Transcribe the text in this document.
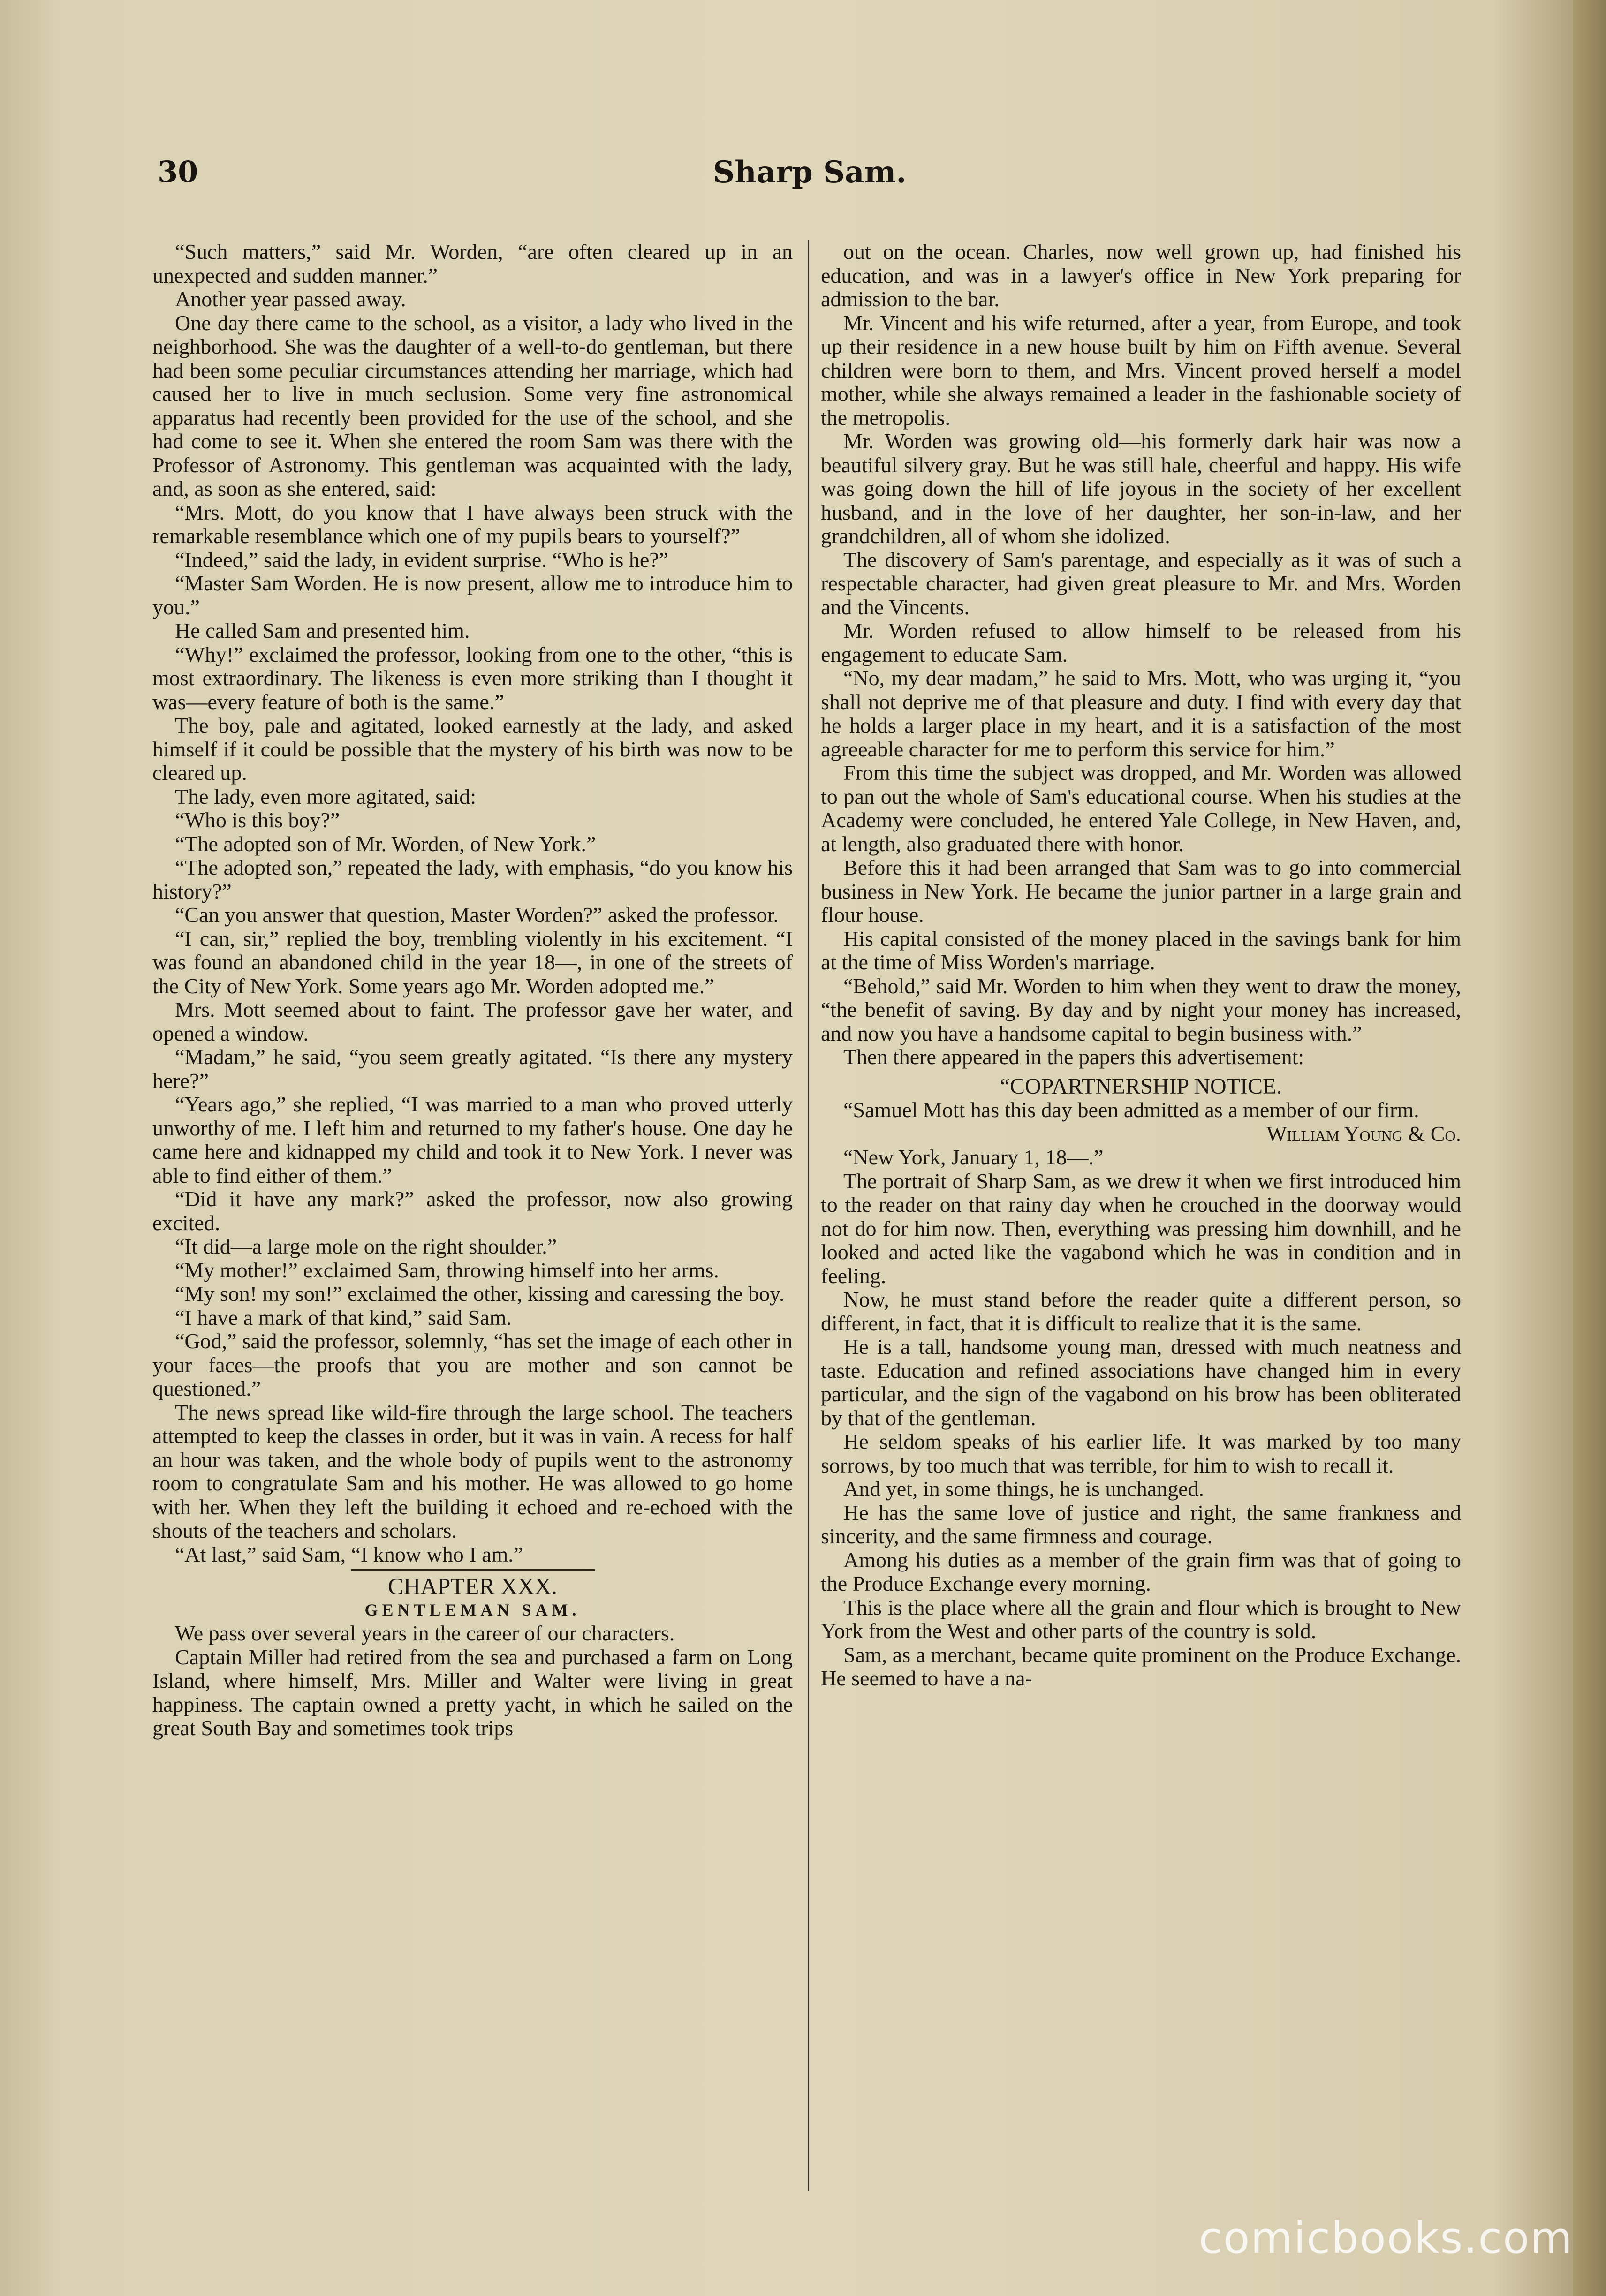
30	Sharp Sam.

“Such matters,” said Mr. Worden, “are often cleared up in an unexpected and sudden manner.”

Another year passed away.

One day there came to the school, as a visitor, a lady who lived in the neighborhood. She was the daughter of a well-to-do gentleman, but there had been some peculiar circumstances attending her marriage, which had caused her to live in much seclusion. Some very fine astronomical apparatus had recently been provided for the use of the school, and she had come to see it. When she entered the room Sam was there with the Professor of Astronomy. This gentleman was acquainted with the lady, and, as soon as she entered, said:

“Mrs. Mott, do you know that I have always been struck with the remarkable resemblance which one of my pupils bears to yourself?”

“Indeed,” said the lady, in evident surprise. “Who is he?”

“Master Sam Worden. He is now present, allow me to introduce him to you.”

He called Sam and presented him.

“Why!” exclaimed the professor, looking from one to the other, “this is most extraordinary. The likeness is even more striking than I thought it was—every feature of both is the same.”

The boy, pale and agitated, looked earnestly at the lady, and asked himself if it could be possible that the mystery of his birth was now to be cleared up.

The lady, even more agitated, said:

“Who is this boy?”

“The adopted son of Mr. Worden, of New York.”

“The adopted son,” repeated the lady, with emphasis, “do you know his history?”

“Can you answer that question, Master Worden?” asked the professor.

“I can, sir,” replied the boy, trembling violently in his excitement. “I was found an abandoned child in the year 18—, in one of the streets of the City of New York. Some years ago Mr. Worden adopted me.”

Mrs. Mott seemed about to faint. The professor gave her water, and opened a window.

“Madam,” he said, “you seem greatly agitated. “Is there any mystery here?”

“Years ago,” she replied, “I was married to a man who proved utterly unworthy of me. I left him and returned to my father's house. One day he came here and kidnapped my child and took it to New York. I never was able to find either of them.”

“Did it have any mark?” asked the professor, now also growing excited.

“It did—a large mole on the right shoulder.”

“My mother!” exclaimed Sam, throwing himself into her arms.

“My son! my son!” exclaimed the other, kissing and caressing the boy.

“I have a mark of that kind,” said Sam.

“God,” said the professor, solemnly, “has set the image of each other in your faces—the proofs that you are mother and son cannot be questioned.”

The news spread like wild-fire through the large school. The teachers attempted to keep the classes in order, but it was in vain. A recess for half an hour was taken, and the whole body of pupils went to the astronomy room to congratulate Sam and his mother. He was allowed to go home with her. When they left the building it echoed and re-echoed with the shouts of the teachers and scholars.

“At last,” said Sam, “I know who I am.”

CHAPTER XXX.

GENTLEMAN SAM.

We pass over several years in the career of our characters.

Captain Miller had retired from the sea and purchased a farm on Long Island, where himself, Mrs. Miller and Walter were living in great happiness. The captain owned a pretty yacht, in which he sailed on the great South Bay and sometimes took trips

out on the ocean. Charles, now well grown up, had finished his education, and was in a lawyer's office in New York preparing for admission to the bar.

Mr. Vincent and his wife returned, after a year, from Europe, and took up their residence in a new house built by him on Fifth avenue. Several children were born to them, and Mrs. Vincent proved herself a model mother, while she always remained a leader in the fashionable society of the metropolis.

Mr. Worden was growing old—his formerly dark hair was now a beautiful silvery gray. But he was still hale, cheerful and happy. His wife was going down the hill of life joyous in the society of her excellent husband, and in the love of her daughter, her son-in-law, and her grandchildren, all of whom she idolized.

The discovery of Sam's parentage, and especially as it was of such a respectable character, had given great pleasure to Mr. and Mrs. Worden and the Vincents.

Mr. Worden refused to allow himself to be released from his engagement to educate Sam.

“No, my dear madam,” he said to Mrs. Mott, who was urging it, “you shall not deprive me of that pleasure and duty. I find with every day that he holds a larger place in my heart, and it is a satisfaction of the most agreeable character for me to perform this service for him.”

From this time the subject was dropped, and Mr. Worden was allowed to pan out the whole of Sam's educational course. When his studies at the Academy were concluded, he entered Yale College, in New Haven, and, at length, also graduated there with honor.

Before this it had been arranged that Sam was to go into commercial business in New York. He became the junior partner in a large grain and flour house.

His capital consisted of the money placed in the savings bank for him at the time of Miss Worden's marriage.

“Behold,” said Mr. Worden to him when they went to draw the money, “the benefit of saving. By day and by night your money has increased, and now you have a handsome capital to begin business with.”

Then there appeared in the papers this advertisement:

“COPARTNERSHIP NOTICE.

“Samuel Mott has this day been admitted as a member of our firm.

William Young & Co.

“New York, January 1, 18—.”

The portrait of Sharp Sam, as we drew it when we first introduced him to the reader on that rainy day when he crouched in the doorway would not do for him now. Then, everything was pressing him downhill, and he looked and acted like the vagabond which he was in condition and in feeling.

Now, he must stand before the reader quite a different person, so different, in fact, that it is difficult to realize that it is the same.

He is a tall, handsome young man, dressed with much neatness and taste. Education and refined associations have changed him in every particular, and the sign of the vagabond on his brow has been obliterated by that of the gentleman.

He seldom speaks of his earlier life. It was marked by too many sorrows, by too much that was terrible, for him to wish to recall it.

And yet, in some things, he is unchanged.

He has the same love of justice and right, the same frankness and sincerity, and the same firmness and courage.

Among his duties as a member of the grain firm was that of going to the Produce Exchange every morning.

This is the place where all the grain and flour which is brought to New York from the West and other parts of the country is sold.

Sam, as a merchant, became quite prominent on the Produce Exchange. He seemed to have a na-

comicbooks.com
